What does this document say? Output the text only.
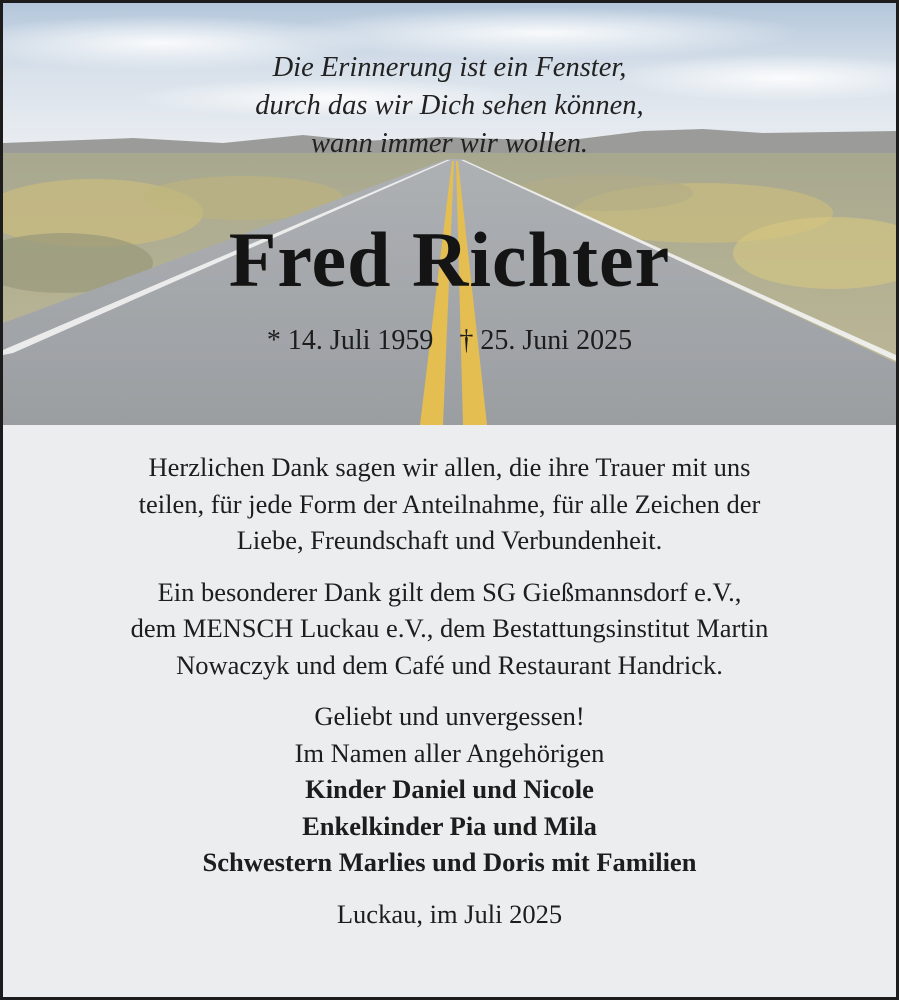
Die Erinnerung ist ein Fenster,
durch das wir Dich sehen können,
wann immer wir wollen.
Fred Richter
* 14. Juli 1959 † 25. Juni 2025
Herzlichen Dank sagen wir allen, die ihre Trauer mit uns
teilen, für jede Form der Anteilnahme, für alle Zeichen der
Liebe, Freundschaft und Verbundenheit.
Ein besonderer Dank gilt dem SG Gießmannsdorf e.V.,
dem MENSCH Luckau e.V., dem Bestattungsinstitut Martin
Nowaczyk und dem Café und Restaurant Handrick.
Geliebt und unvergessen!
Im Namen aller Angehörigen
Kinder Daniel und Nicole
Enkelkinder Pia und Mila
Schwestern Marlies und Doris mit Familien
Luckau, im Juli 2025
